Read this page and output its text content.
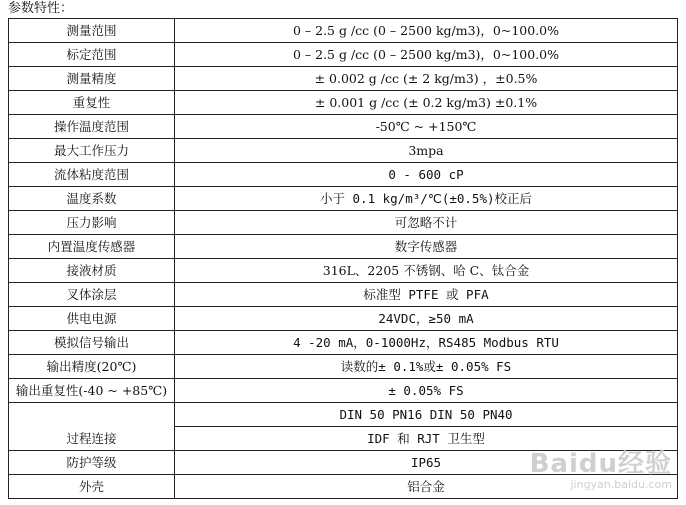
参数特性：
测量范围	0 – 2.5 g /cc (0 – 2500 kg/m3)，0~100.0%
标定范围	0 – 2.5 g /cc (0 – 2500 kg/m3)，0~100.0%
测量精度	± 0.002 g /cc (± 2 kg/m3) ，±0.5%
重复性	± 0.001 g /cc (± 0.2 kg/m3) ±0.1%
操作温度范围	-50℃ ~ +150℃
最大工作压力	3mpa
流体粘度范围	0 - 600 cP
温度系数	小于 0.1 kg/m³/℃(±0.5%)校正后
压力影响	可忽略不计
内置温度传感器	数字传感器
接液材质	316L、2205 不锈钢、哈 C、钛合金
叉体涂层	标准型 PTFE 或 PFA
供电电源	24VDC，≥50 mA
模拟信号输出	4 -20 mA，0-1000Hz，RS485 Modbus RTU
输出精度(20℃)	读数的± 0.1%或± 0.05% FS
输出重复性(-40 ~ +85℃)	± 0.05% FS
过程连接	DIN 50 PN16 DIN 50 PN40
	IDF 和 RJT 卫生型
防护等级	IP65
外壳	铝合金
Baidu经验
jingyan.baidu.com
